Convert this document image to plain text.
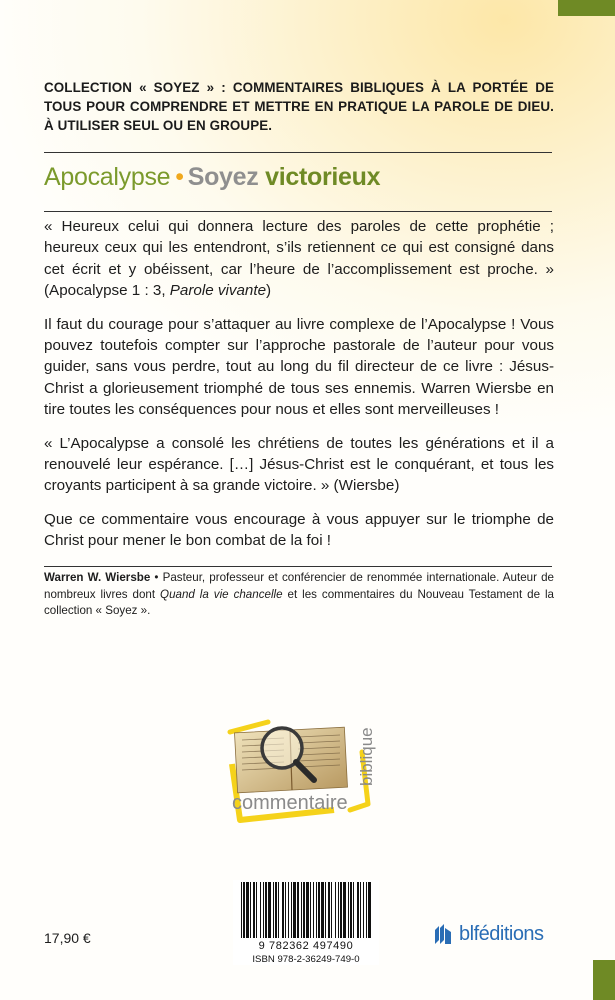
COLLECTION « SOYEZ » : COMMENTAIRES BIBLIQUES À LA PORTÉE DE TOUS POUR COMPRENDRE ET METTRE EN PRATIQUE LA PAROLE DE DIEU. À UTILISER SEUL OU EN GROUPE.
Apocalypse • Soyez victorieux

« Heureux celui qui donnera lecture des paroles de cette prophétie ; heureux ceux qui les entendront, s’ils retiennent ce qui est consigné dans cet écrit et y obéissent, car l’heure de l’accomplissement est proche. » (Apocalypse 1 : 3, Parole vivante)

Il faut du courage pour s’attaquer au livre complexe de l’Apocalypse ! Vous pouvez toutefois compter sur l’approche pastorale de l’auteur pour vous guider, sans vous perdre, tout au long du fil directeur de ce livre : Jésus-Christ a glorieusement triomphé de tous ses ennemis. Warren Wiersbe en tire toutes les conséquences pour nous et elles sont merveilleuses !

« L’Apocalypse a consolé les chrétiens de toutes les générations et il a renouvelé leur espérance. […] Jésus-Christ est le conquérant, et tous les croyants participent à sa grande victoire. » (Wiersbe)

Que ce commentaire vous encourage à vous appuyer sur le triomphe de Christ pour mener le bon combat de la foi !

Warren W. Wiersbe • Pasteur, professeur et conférencier de renommée internationale. Auteur de nombreux livres dont Quand la vie chancelle et les commentaires du Nouveau Testament de la collection « Soyez ».
biblique
commentaire
9 782362 497490
ISBN 978-2-36249-749-0
17,90 €	blféditions
